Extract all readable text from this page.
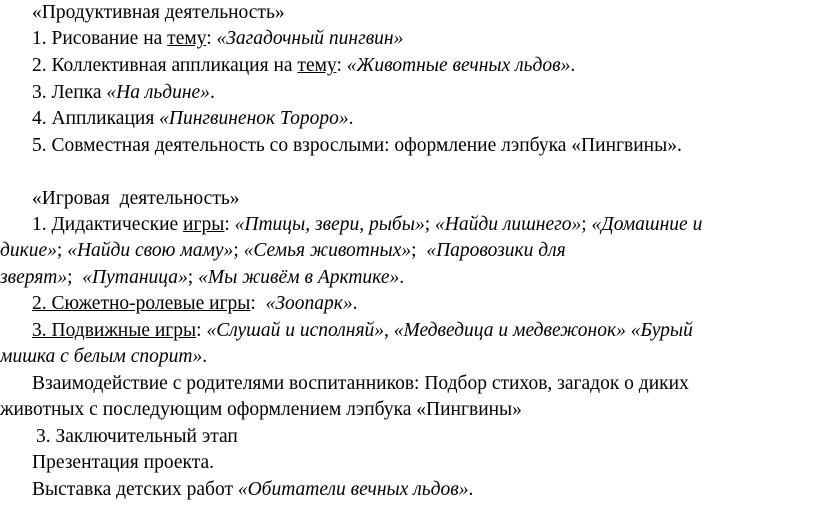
«Продуктивная деятельность»
1. Рисование на тему: «Загадочный пингвин»
2. Коллективная аппликация на тему: «Животные вечных льдов».
3. Лепка «На льдине».
4. Аппликация «Пингвиненок Тороро».
5. Совместная деятельность со взрослыми: оформление лэпбука «Пингвины».
«Игровая  деятельность»
1. Дидактические игры: «Птицы, звери, рыбы»; «Найди лишнего»; «Домашние и
дикие»; «Найди свою маму»; «Семья животных»;  «Паровозики для
зверят»;  «Путаница»; «Мы живём в Арктике».
2. Сюжетно-ролевые игры:  «Зоопарк».
3. Подвижные игры: «Слушай и исполняй», «Медведица и медвежонок» «Бурый
мишка с белым спорит».
Взаимодействие с родителями воспитанников: Подбор стихов, загадок о диких
животных с последующим оформлением лэпбука «Пингвины»
3. Заключительный этап
Презентация проекта.
Выставка детских работ «Обитатели вечных льдов».
